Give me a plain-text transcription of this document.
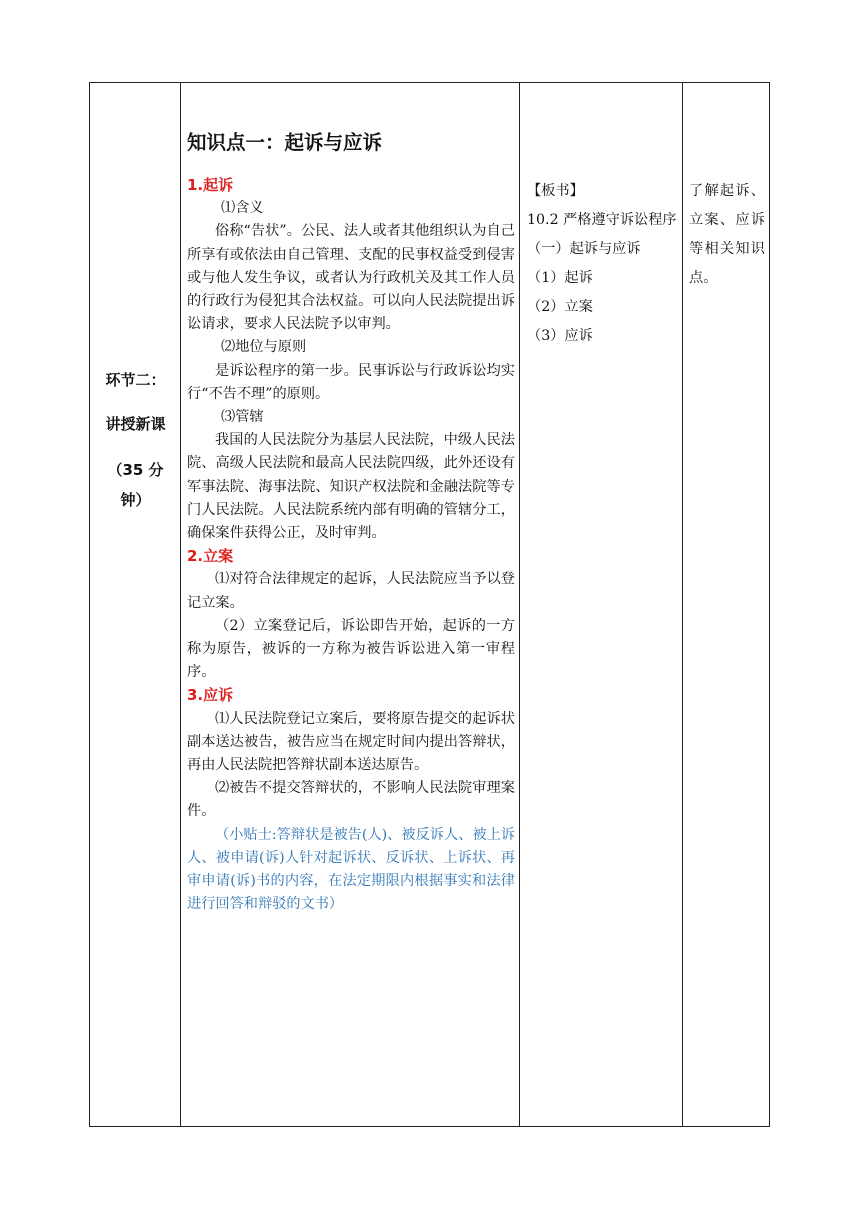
环节二：
讲授新课
（35 分
钟）
知识点一：起诉与应诉
1.起诉
⑴含义
俗称“告状”。公民、法人或者其他组织认为自己所享有或依法由自己管理、支配的民事权益受到侵害或与他人发生争议，或者认为行政机关及其工作人员的行政行为侵犯其合法权益。可以向人民法院提出诉讼请求，要求人民法院予以审判。
⑵地位与原则
是诉讼程序的第一步。民事诉讼与行政诉讼均实行“不告不理”的原则。
⑶管辖
我国的人民法院分为基层人民法院，中级人民法院、高级人民法院和最高人民法院四级，此外还设有军事法院、海事法院、知识产权法院和金融法院等专门人民法院。人民法院系统内部有明确的管辖分工，确保案件获得公正，及时审判。
2.立案
⑴对符合法律规定的起诉，人民法院应当予以登记立案。
（2）立案登记后，诉讼即告开始，起诉的一方称为原告，被诉的一方称为被告诉讼进入第一审程序。
3.应诉
⑴人民法院登记立案后，要将原告提交的起诉状副本送达被告，被告应当在规定时间内提出答辩状，再由人民法院把答辩状副本送达原告。
⑵被告不提交答辩状的，不影响人民法院审理案件。
（小贴士:答辩状是被告(人)、被反诉人、被上诉人、被申请(诉)人针对起诉状、反诉状、上诉状、再审申请(诉)书的内容，在法定期限内根据事实和法律进行回答和辩驳的文书）
【板书】
10.2 严格遵守诉讼程序
（一）起诉与应诉
（1）起诉
（2）立案
（3）应诉
了解起诉、立案、应诉等相关知识点。
